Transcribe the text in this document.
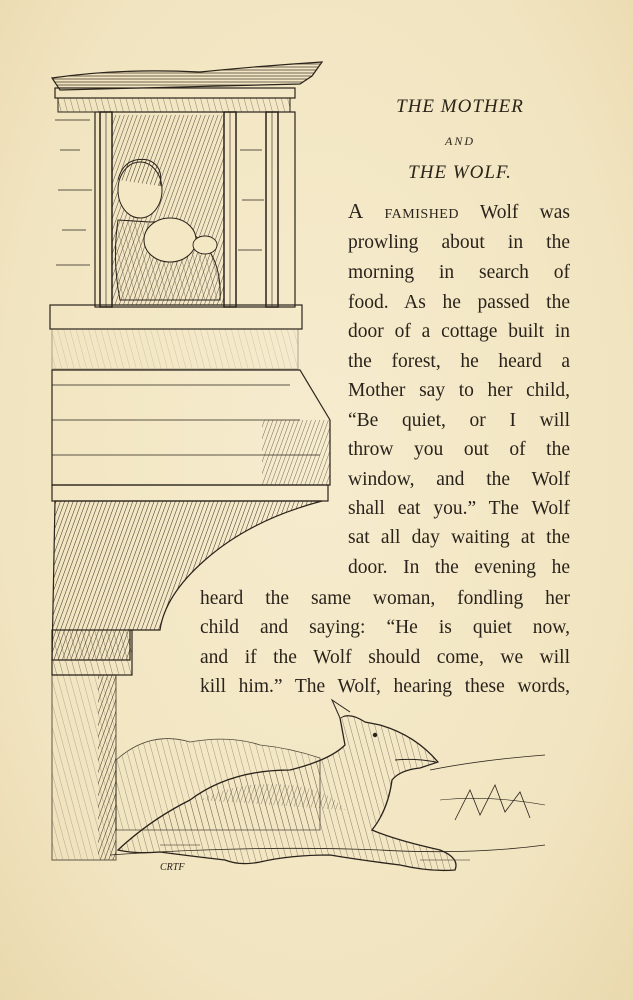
CRTF
THE MOTHER
AND
THE WOLF.
A famished Wolf was
prowling about in the
morning in search of
food. As he passed the
door of a cottage built in
the forest, he heard a
Mother say to her child,
“Be quiet, or I will
throw you out of the
window, and the Wolf
shall eat you.” The Wolf
sat all day waiting at the
door. In the evening he
heard the same woman, fondling her
child and saying: “He is quiet now,
and if the Wolf should come, we will
kill him.” The Wolf, hearing these words,
